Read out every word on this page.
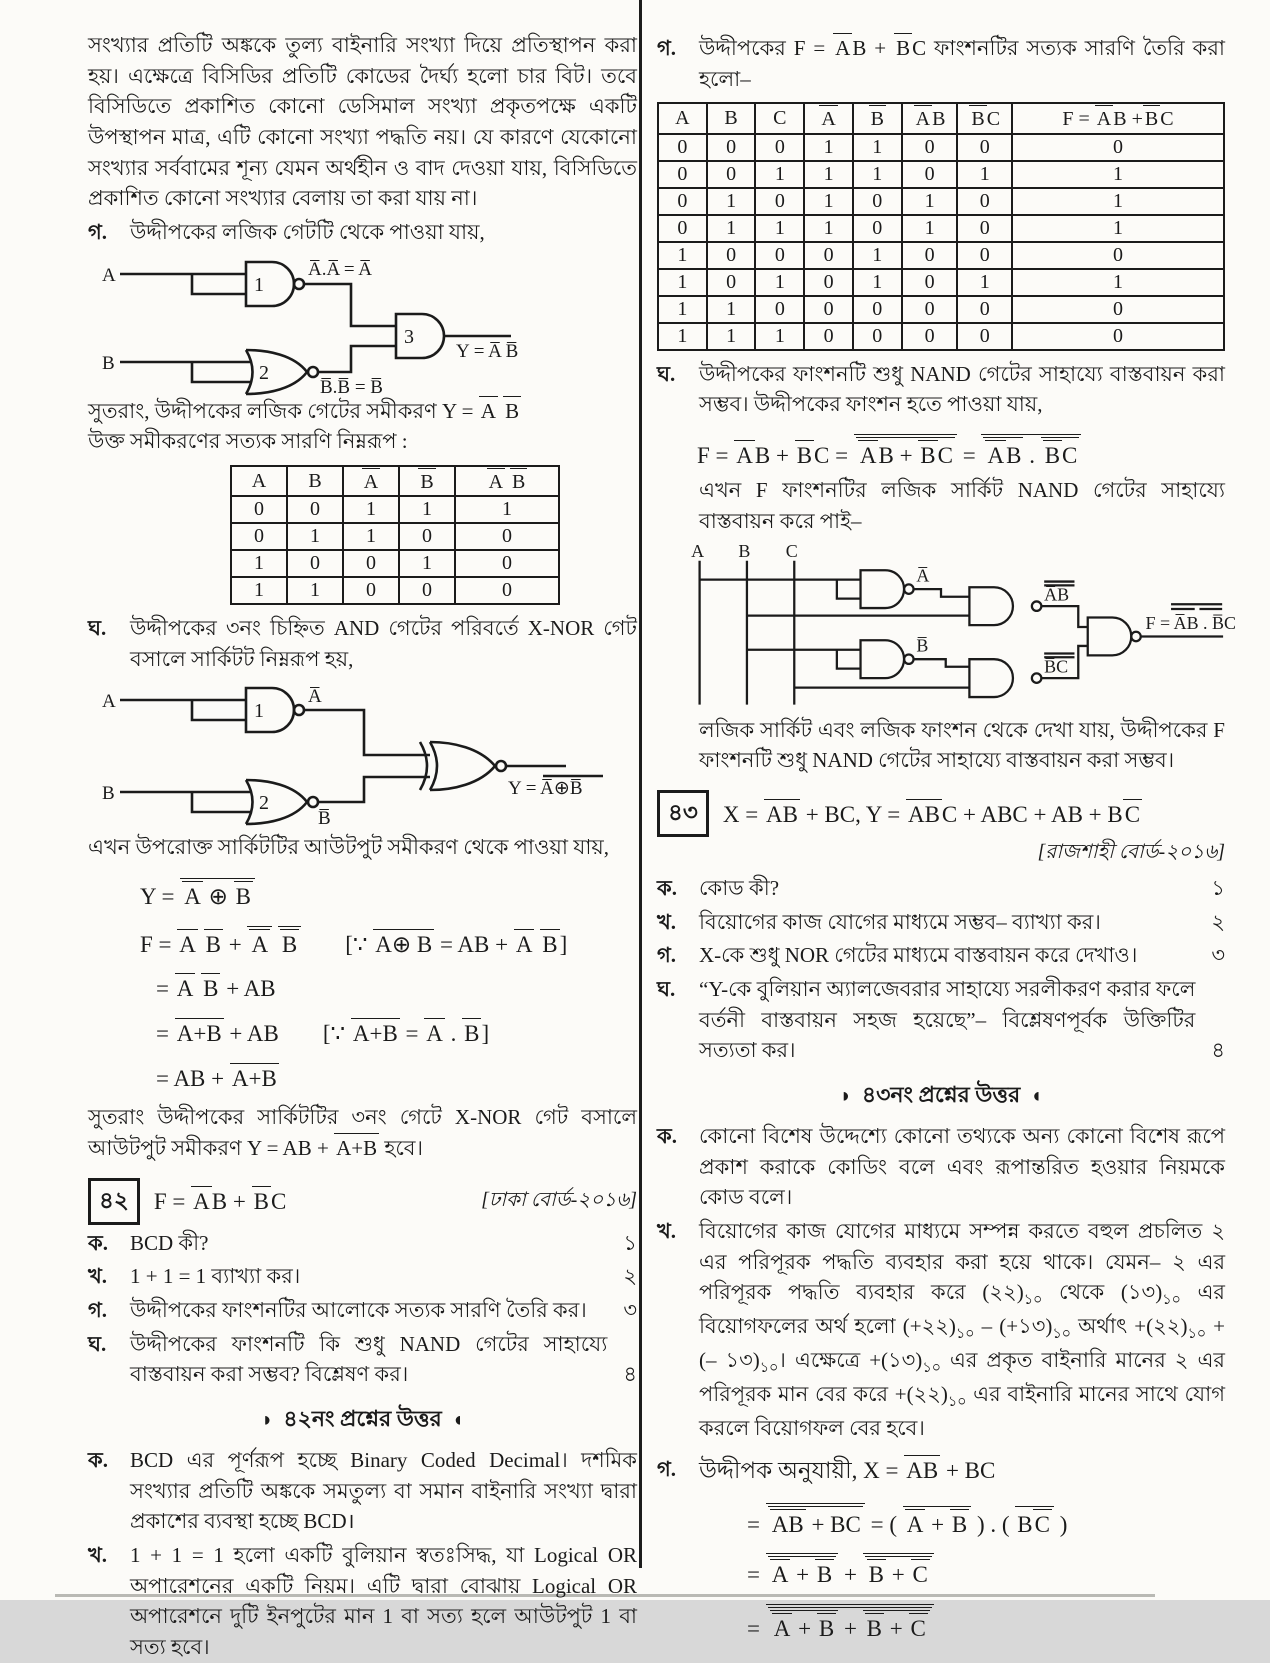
সংখ্যার প্রতিটি অঙ্ককে তুল্য বাইনারি সংখ্যা দিয়ে প্রতিস্থাপন করা হয়। এক্ষেত্রে বিসিডির প্রতিটি কোডের দৈর্ঘ্য হলো চার বিট। তবে বিসিডিতে প্রকাশিত কোনো ডেসিমাল সংখ্যা প্রকৃতপক্ষে একটি উপস্থাপন মাত্র, এটি কোনো সংখ্যা পদ্ধতি নয়। যে কারণে যেকোনো সংখ্যার সর্ববামের শূন্য যেমন অর্থহীন ও বাদ দেওয়া যায়, বিসিডিতে প্রকাশিত কোনো সংখ্যার বেলায় তা করা যায় না।
গ.	উদ্দীপকের লজিক গেটটি থেকে পাওয়া যায়,
A
B
1
2
3
A̅.A̅ = A̅
B̅.B̅ = B̅
Y = A̅ B̅
সুতরাং, উদ্দীপকের লজিক গেটের সমীকরণ Y = A B
উক্ত সমীকরণের সত্যক সারণি নিম্নরূপ :
A	B	A	B	A B
0	0	1	1	1
0	1	1	0	0
1	0	0	1	0
1	1	0	0	0
ঘ.	উদ্দীপকের ৩নং চিহ্নিত AND গেটের পরিবর্তে X-NOR গেট বসালে সার্কিটট নিম্নরূপ হয়,
A
B
1
2
A̅
B̅
Y = A̅⊕B̅
এখন উপরোক্ত সার্কিটটির আউটপুট সমীকরণ থেকে পাওয়া যায়,
Y = A ⊕ B
F = A B + A B [∵ A⊕ B = AB + A B]
= A B + AB
= A+B + AB [∵ A+B = A . B]
= AB + A+B
সুতরাং উদ্দীপকের সার্কিটটির ৩নং গেটে X-NOR গেট বসালে আউটপুট সমীকরণ Y = AB + A+B হবে।
৪২	F = AB + BC	[ঢাকা বোর্ড-২০১৬]
ক.	BCD কী?	১
খ.	1 + 1 = 1 ব্যাখ্যা কর।	২
গ.	উদ্দীপকের ফাংশনটির আলোকে সত্যক সারণি তৈরি কর।	৩
ঘ.	উদ্দীপকের ফাংশনটি কি শুধু NAND গেটের সাহায্যে বাস্তবায়ন করা সম্ভব? বিশ্লেষণ কর।	৪
◗ ৪২নং প্রশ্নের উত্তর ◖
ক.	BCD এর পূর্ণরূপ হচ্ছে Binary Coded Decimal। দশমিক সংখ্যার প্রতিটি অঙ্ককে সমতুল্য বা সমান বাইনারি সংখ্যা দ্বারা প্রকাশের ব্যবস্থা হচ্ছে BCD।
খ.	1 + 1 = 1 হলো একটি বুলিয়ান স্বতঃসিদ্ধ, যা Logical OR অপারেশনের একটি নিয়ম। এটি দ্বারা বোঝায় Logical OR অপারেশনে দুটি ইনপুটের মান 1 বা সত্য হলে আউটপুট 1 বা সত্য হবে।
গ.	উদ্দীপকের F = AB + BC ফাংশনটির সত্যক সারণি তৈরি করা হলো–
A	B	C	A	B	A B	B C	F = A B + B C
0	0	0	1	1	0	0	0
0	0	1	1	1	0	1	1
0	1	0	1	0	1	0	1
0	1	1	1	0	1	0	1
1	0	0	0	1	0	0	0
1	0	1	0	1	0	1	1
1	1	0	0	0	0	0	0
1	1	1	0	0	0	0	0
ঘ.	উদ্দীপকের ফাংশনটি শুধু NAND গেটের সাহায্যে বাস্তবায়ন করা সম্ভব। উদ্দীপকের ফাংশন হতে পাওয়া যায়,
F = AB + BC = AB + BC = AB . BC
এখন F ফাংশনটির লজিক সার্কিট NAND গেটের সাহায্যে বাস্তবায়ন করে পাই–
A B C
A̅
A̅B
B̅
B̅C
F = A̅B . B̅C
লজিক সার্কিট এবং লজিক ফাংশন থেকে দেখা যায়, উদ্দীপকের F ফাংশনটি শুধু NAND গেটের সাহায্যে বাস্তবায়ন করা সম্ভব।
৪৩	X = AB + BC, Y = ABC + ABC + AB + BC
[রাজশাহী বোর্ড-২০১৬]
ক.	কোড কী?	১
খ.	বিয়োগের কাজ যোগের মাধ্যমে সম্ভব– ব্যাখ্যা কর।	২
গ.	X-কে শুধু NOR গেটের মাধ্যমে বাস্তবায়ন করে দেখাও।	৩
ঘ.	“Y-কে বুলিয়ান অ্যালজেবরার সাহায্যে সরলীকরণ করার ফলে বর্তনী বাস্তবায়ন সহজ হয়েছে”– বিশ্লেষণপূর্বক উক্তিটির সত্যতা কর।	৪
◗ ৪৩নং প্রশ্নের উত্তর ◖
ক.	কোনো বিশেষ উদ্দেশ্যে কোনো তথ্যকে অন্য কোনো বিশেষ রূপে প্রকাশ করাকে কোডিং বলে এবং রূপান্তরিত হওয়ার নিয়মকে কোড বলে।
খ.	বিয়োগের কাজ যোগের মাধ্যমে সম্পন্ন করতে বহুল প্রচলিত ২ এর পরিপূরক পদ্ধতি ব্যবহার করা হয়ে থাকে। যেমন– ২ এর পরিপূরক পদ্ধতি ব্যবহার করে $(২২)_{১০}$ থেকে $(১৩)_{১০}$ এর বিয়োগফলের অর্থ হলো $(+২২)_{১০}$ – $(+১৩)_{১০}$ অর্থাৎ $+(২২)_{১০}$ + (– $১৩)_{১০}।$ এক্ষেত্রে $+(১৩)_{১০}$ এর প্রকৃত বাইনারি মানের ২ এর পরিপূরক মান বের করে $+(২২)_{১০}$ এর বাইনারি মানের সাথে যোগ করলে বিয়োগফল বের হবে।
গ. উদ্দীপক অনুযায়ী, X = AB + BC
= AB + BC = ( A + B ) . ( BC )
= A + B + B + C
= A + B + B + C
